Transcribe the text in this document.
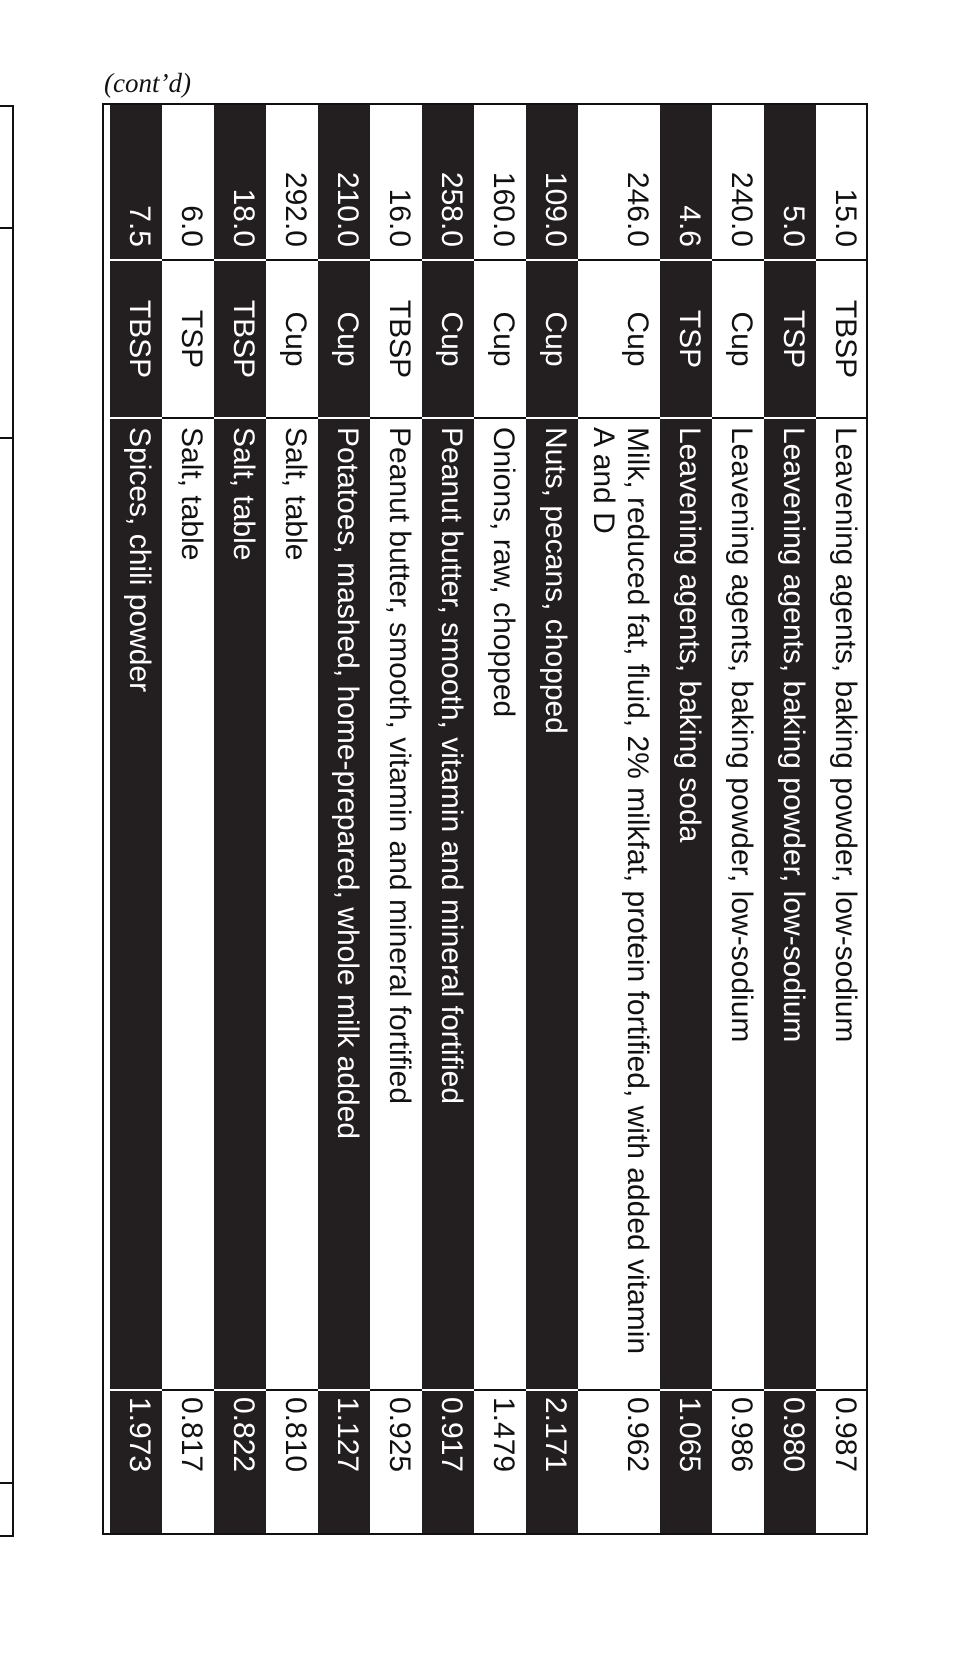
(cont’d)
15.0
TBSP
Leavening agents, baking powder, low-sodium
0.987
5.0
TSP
Leavening agents, baking powder, low-sodium
0.980
240.0
Cup
Leavening agents, baking powder, low-sodium
0.986
4.6
TSP
Leavening agents, baking soda
1.065
246.0
Cup
Milk, reduced fat, fluid, 2% milkfat, protein fortified, with added vitamin A and D
0.962
109.0
Cup
Nuts, pecans, chopped
2.171
160.0
Cup
Onions, raw, chopped
1.479
258.0
Cup
Peanut butter, smooth, vitamin and mineral fortified
0.917
16.0
TBSP
Peanut butter, smooth, vitamin and mineral fortified
0.925
210.0
Cup
Potatoes, mashed, home-prepared, whole milk added
1.127
292.0
Cup
Salt, table
0.810
18.0
TBSP
Salt, table
0.822
6.0
TSP
Salt, table
0.817
7.5
TBSP
Spices, chili powder
1.973
